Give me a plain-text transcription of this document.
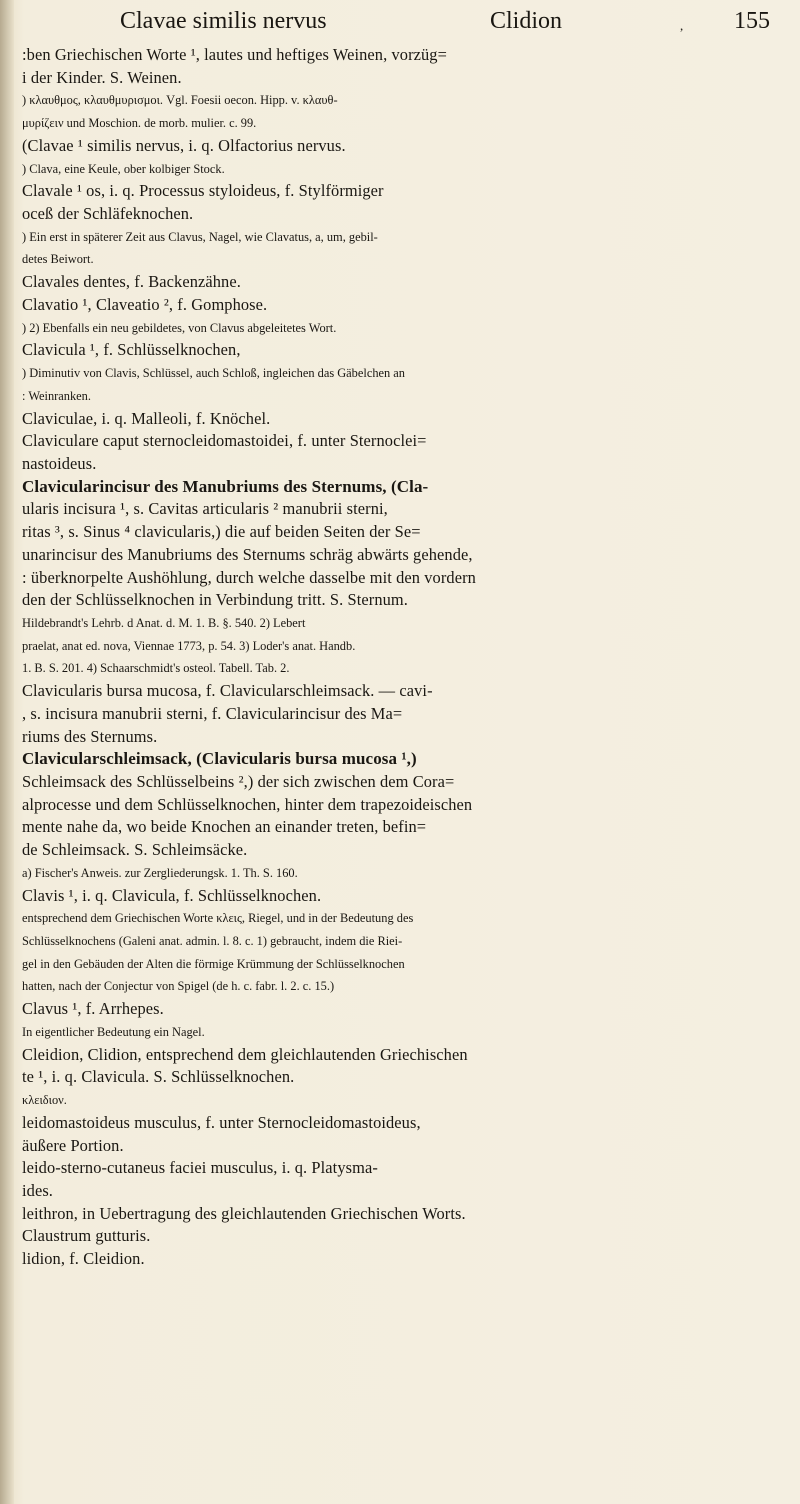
Clavae similis nervus	Clidion	, 155

:ben Griechischen Worte ¹, lautes und heftiges Weinen, vorzüg=

i der Kinder. S. Weinen.

) κλαυθμος, κλαυθμυρισμοι. Vgl. Foesii oecon. Hipp. v. κλαυθ-

μυρίζειν und Moschion. de morb. mulier. c. 99.

(Clavae ¹ similis nervus, i. q. Olfactorius nervus.

) Clava, eine Keule, ober kolbiger Stock.

Clavale ¹ os, i. q. Processus styloideus, f. Stylförmiger

oceß der Schläfeknochen.

) Ein erst in späterer Zeit aus Clavus, Nagel, wie Clavatus, a, um, gebil-

detes Beiwort.

Clavales dentes, f. Backenzähne.

Clavatio ¹, Claveatio ², f. Gomphose.

) 2) Ebenfalls ein neu gebildetes, von Clavus abgeleitetes Wort.

Clavicula ¹, f. Schlüsselknochen,

) Diminutiv von Clavis, Schlüssel, auch Schloß, ingleichen das Gäbelchen an

: Weinranken.

Claviculae, i. q. Malleoli, f. Knöchel.

Claviculare caput sternocleidomastoidei, f. unter Sternoclei=

nastoideus.

Clavicularincisur des Manubriums des Sternums, (Cla-

ularis incisura ¹, s. Cavitas articularis ² manubrii sterni,

ritas ³, s. Sinus ⁴ clavicularis,) die auf beiden Seiten der Se=

unarincisur des Manubriums des Sternums schräg abwärts gehende,

: überknorpelte Aushöhlung, durch welche dasselbe mit den vordern

den der Schlüsselknochen in Verbindung tritt. S. Sternum.

Hildebrandt's Lehrb. d Anat. d. M. 1. B. §. 540. 2) Lebert

praelat, anat ed. nova, Viennae 1773, p. 54. 3) Loder's anat. Handb.

1. B. S. 201. 4) Schaarschmidt's osteol. Tabell. Tab. 2.

Clavicularis bursa mucosa, f. Clavicularschleimsack. — cavi-

, s. incisura manubrii sterni, f. Clavicularincisur des Ma=

riums des Sternums.

Clavicularschleimsack, (Clavicularis bursa mucosa ¹,)

Schleimsack des Schlüsselbeins ²,) der sich zwischen dem Cora=

alprocesse und dem Schlüsselknochen, hinter dem trapezoideischen

mente nahe da, wo beide Knochen an einander treten, befin=

de Schleimsack. S. Schleimsäcke.

a) Fischer's Anweis. zur Zergliederungsk. 1. Th. S. 160.

Clavis ¹, i. q. Clavicula, f. Schlüsselknochen.

entsprechend dem Griechischen Worte κλεις, Riegel, und in der Bedeutung des

Schlüsselknochens (Galeni anat. admin. l. 8. c. 1) gebraucht, indem die Riei-

gel in den Gebäuden der Alten die förmige Krümmung der Schlüsselknochen

hatten, nach der Conjectur von Spigel (de h. c. fabr. l. 2. c. 15.)

Clavus ¹, f. Arrhepes.

In eigentlicher Bedeutung ein Nagel.

Cleidion, Clidion, entsprechend dem gleichlautenden Griechischen

te ¹, i. q. Clavicula. S. Schlüsselknochen.

κλειδιον.

leidomastoideus musculus, f. unter Sternocleidomastoideus,

äußere Portion.

leido-sterno-cutaneus faciei musculus, i. q. Platysma-

ides.

leithron, in Uebertragung des gleichlautenden Griechischen Worts.

Claustrum gutturis.

lidion, f. Cleidion.
